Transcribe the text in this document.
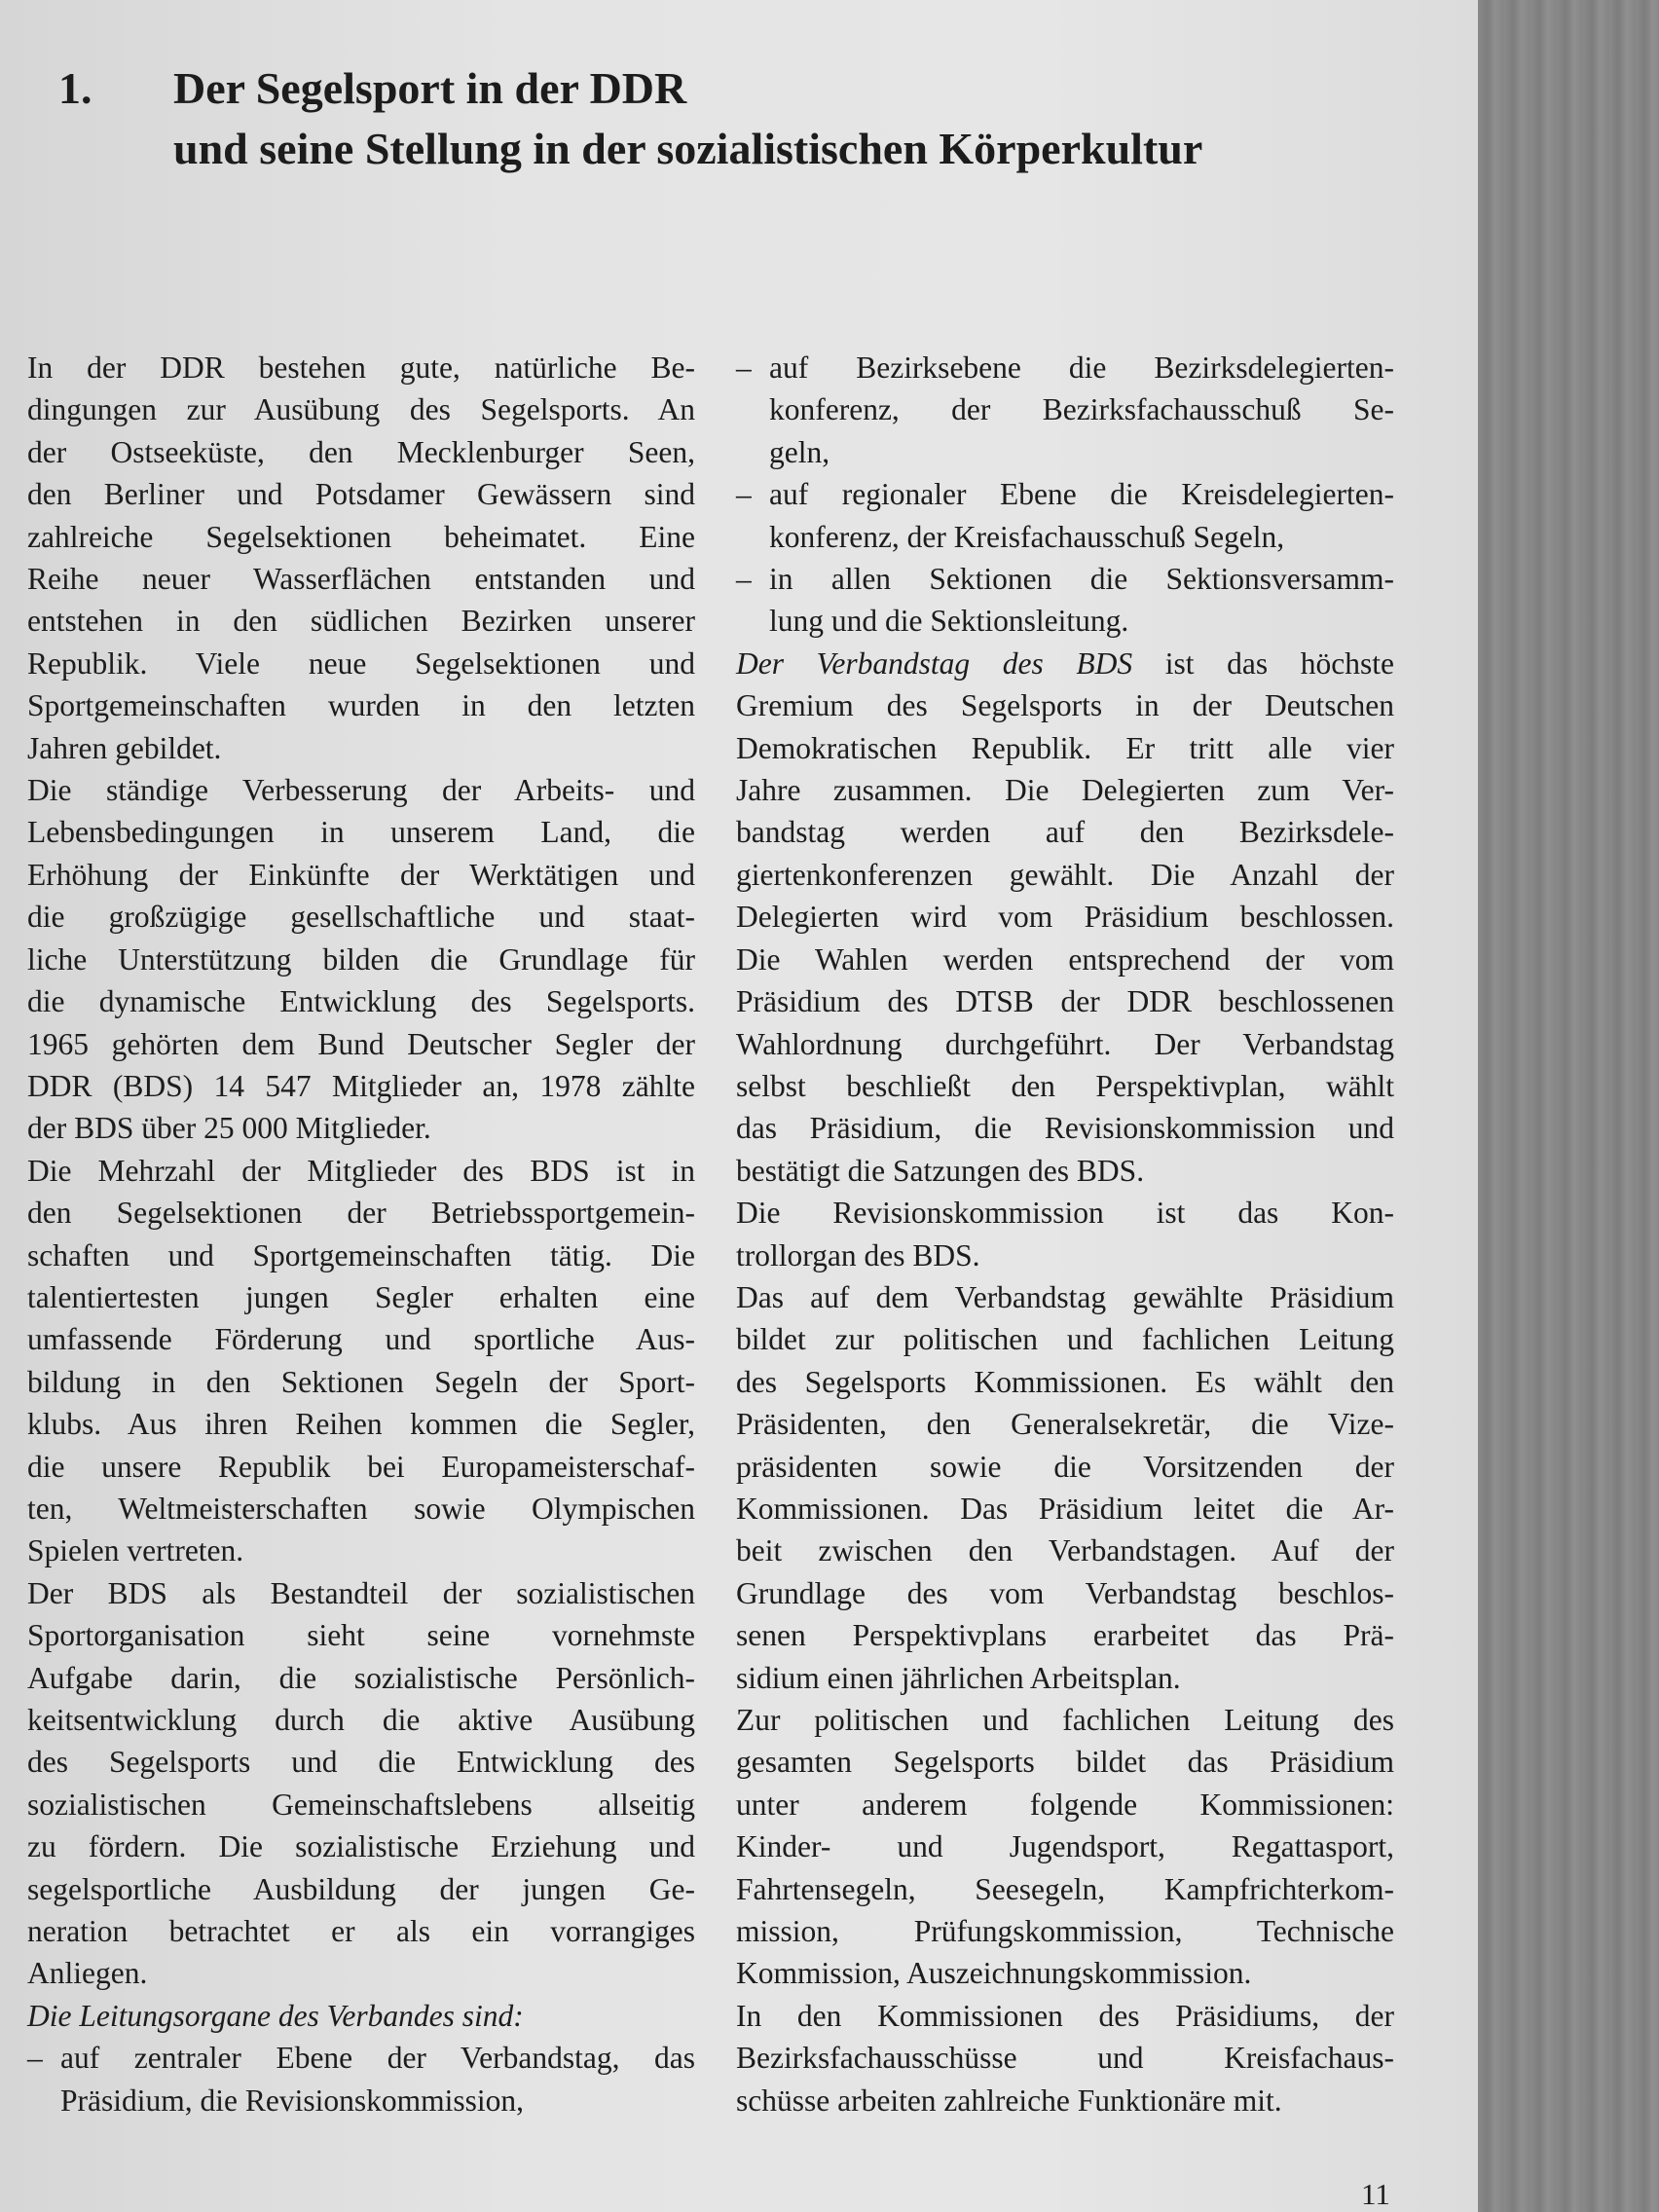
1. Der Segelsport in der DDR
und seine Stellung in der sozialistischen Körperkultur
In der DDR bestehen gute, natürliche Be-
dingungen zur Ausübung des Segelsports. An
der Ostseeküste, den Mecklenburger Seen,
den Berliner und Potsdamer Gewässern sind
zahlreiche Segelsektionen beheimatet. Eine
Reihe neuer Wasserflächen entstanden und
entstehen in den südlichen Bezirken unserer
Republik. Viele neue Segelsektionen und
Sportgemeinschaften wurden in den letzten
Jahren gebildet.
Die ständige Verbesserung der Arbeits- und
Lebensbedingungen in unserem Land, die
Erhöhung der Einkünfte der Werktätigen und
die großzügige gesellschaftliche und staat-
liche Unterstützung bilden die Grundlage für
die dynamische Entwicklung des Segelsports.
1965 gehörten dem Bund Deutscher Segler der
DDR (BDS) 14 547 Mitglieder an, 1978 zählte
der BDS über 25 000 Mitglieder.
Die Mehrzahl der Mitglieder des BDS ist in
den Segelsektionen der Betriebssportgemein-
schaften und Sportgemeinschaften tätig. Die
talentiertesten jungen Segler erhalten eine
umfassende Förderung und sportliche Aus-
bildung in den Sektionen Segeln der Sport-
klubs. Aus ihren Reihen kommen die Segler,
die unsere Republik bei Europameisterschaf-
ten, Weltmeisterschaften sowie Olympischen
Spielen vertreten.
Der BDS als Bestandteil der sozialistischen
Sportorganisation sieht seine vornehmste
Aufgabe darin, die sozialistische Persönlich-
keitsentwicklung durch die aktive Ausübung
des Segelsports und die Entwicklung des
sozialistischen Gemeinschaftslebens allseitig
zu fördern. Die sozialistische Erziehung und
segelsportliche Ausbildung der jungen Ge-
neration betrachtet er als ein vorrangiges
Anliegen.
Die Leitungsorgane des Verbandes sind:
– auf zentraler Ebene der Verbandstag, das
Präsidium, die Revisionskommission,
– auf Bezirksebene die Bezirksdelegierten-
konferenz, der Bezirksfachausschuß Se-
geln,
– auf regionaler Ebene die Kreisdelegierten-
konferenz, der Kreisfachausschuß Segeln,
– in allen Sektionen die Sektionsversamm-
lung und die Sektionsleitung.
Der Verbandstag des BDS ist das höchste
Gremium des Segelsports in der Deutschen
Demokratischen Republik. Er tritt alle vier
Jahre zusammen. Die Delegierten zum Ver-
bandstag werden auf den Bezirksdele-
giertenkonferenzen gewählt. Die Anzahl der
Delegierten wird vom Präsidium beschlossen.
Die Wahlen werden entsprechend der vom
Präsidium des DTSB der DDR beschlossenen
Wahlordnung durchgeführt. Der Verbandstag
selbst beschließt den Perspektivplan, wählt
das Präsidium, die Revisionskommission und
bestätigt die Satzungen des BDS.
Die Revisionskommission ist das Kon-
trollorgan des BDS.
Das auf dem Verbandstag gewählte Präsidium
bildet zur politischen und fachlichen Leitung
des Segelsports Kommissionen. Es wählt den
Präsidenten, den Generalsekretär, die Vize-
präsidenten sowie die Vorsitzenden der
Kommissionen. Das Präsidium leitet die Ar-
beit zwischen den Verbandstagen. Auf der
Grundlage des vom Verbandstag beschlos-
senen Perspektivplans erarbeitet das Prä-
sidium einen jährlichen Arbeitsplan.
Zur politischen und fachlichen Leitung des
gesamten Segelsports bildet das Präsidium
unter anderem folgende Kommissionen:
Kinder- und Jugendsport, Regattasport,
Fahrtensegeln, Seesegeln, Kampfrichterkom-
mission, Prüfungskommission, Technische
Kommission, Auszeichnungskommission.
In den Kommissionen des Präsidiums, der
Bezirksfachausschüsse und Kreisfachaus-
schüsse arbeiten zahlreiche Funktionäre mit.
11
